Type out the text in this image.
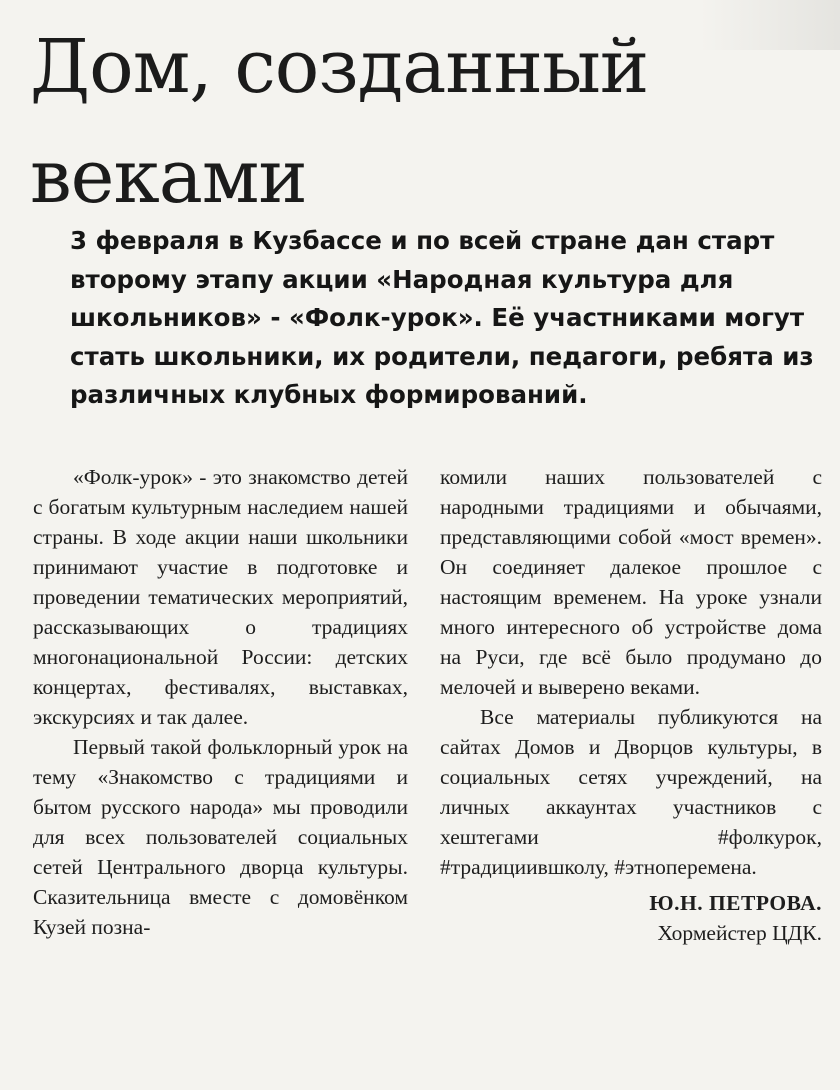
Дом, созданный веками

3 февраля в Кузбассе и по всей стране дан старт второму этапу акции «Народная культура для школьников» - «Фолк-урок». Её участниками могут стать школьники, их родители, педагоги, ребята из различных клубных формирований.

«Фолк-урок» - это знакомство детей с богатым культурным наследием нашей страны. В ходе акции наши школьники принимают участие в подготовке и проведении тематических мероприятий, рассказывающих о традициях многонациональной России: детских концертах, фестивалях, выставках, экскурсиях и так далее.

Первый такой фольклорный урок на тему «Знакомство с традициями и бытом русского народа» мы проводили для всех пользователей социальных сетей Центрального дворца культуры. Сказительница вместе с домовёнком Кузей позна-

комили наших пользователей с народными традициями и обычаями, представляющими собой «мост времен». Он соединяет далекое прошлое с настоящим временем. На уроке узнали много интересного об устройстве дома на Руси, где всё было продумано до мелочей и выверено веками.

Все материалы публикуются на сайтах Домов и Дворцов культуры, в социальных сетях учреждений, на личных аккаунтах участников с хештегами #фолкурок, #традициившколу, #этноперемена.

Ю.Н. ПЕТРОВА.
Хормейстер ЦДК.
